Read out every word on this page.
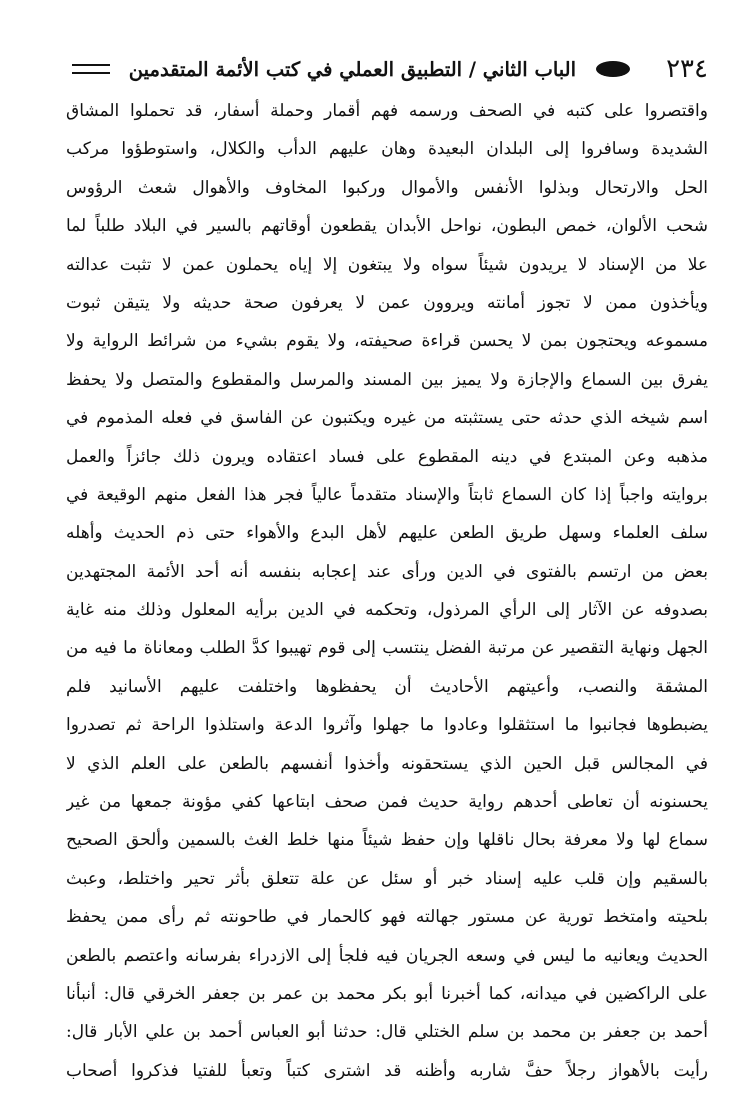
٢٣٤
الباب الثاني / التطبيق العملي في كتب الأئمة المتقدمين
واقتصروا على كتبه في الصحف ورسمه فهم أقمار وحملة أسفار، قد تحملوا المشاق
الشديدة وسافروا إلى البلدان البعيدة وهان عليهم الدأب والكلال، واستوطؤوا مركب
الحل والارتحال وبذلوا الأنفس والأموال وركبوا المخاوف والأهوال شعث الرؤوس
شحب الألوان، خمص البطون، نواحل الأبدان يقطعون أوقاتهم بالسير في البلاد طلباً لما
علا من الإسناد لا يريدون شيئاً سواه ولا يبتغون إلا إياه يحملون عمن لا تثبت عدالته
ويأخذون ممن لا تجوز أمانته ويروون عمن لا يعرفون صحة حديثه ولا يتيقن ثبوت
مسموعه ويحتجون بمن لا يحسن قراءة صحيفته، ولا يقوم بشيء من شرائط الرواية ولا
يفرق بين السماع والإجازة ولا يميز بين المسند والمرسل والمقطوع والمتصل ولا يحفظ
اسم شيخه الذي حدثه حتى يستثبته من غيره ويكتبون عن الفاسق في فعله المذموم في
مذهبه وعن المبتدع في دينه المقطوع على فساد اعتقاده ويرون ذلك جائزاً والعمل
بروايته واجباً إذا كان السماع ثابتاً والإسناد متقدماً عالياً فجر هذا الفعل منهم الوقيعة في
سلف العلماء وسهل طريق الطعن عليهم لأهل البدع والأهواء حتى ذم الحديث وأهله
بعض من ارتسم بالفتوى في الدين ورأى عند إعجابه بنفسه أنه أحد الأئمة المجتهدين
بصدوفه عن الآثار إلى الرأي المرذول، وتحكمه في الدين برأيه المعلول وذلك منه غاية
الجهل ونهاية التقصير عن مرتبة الفضل ينتسب إلى قوم تهيبوا كدَّ الطلب ومعاناة ما فيه من
المشقة والنصب، وأعيتهم الأحاديث أن يحفظوها واختلفت عليهم الأسانيد فلم
يضبطوها فجانبوا ما استثقلوا وعادوا ما جهلوا وآثروا الدعة واستلذوا الراحة ثم تصدروا
في المجالس قبل الحين الذي يستحقونه وأخذوا أنفسهم بالطعن على العلم الذي لا
يحسنونه أن تعاطى أحدهم رواية حديث فمن صحف ابتاعها كفي مؤونة جمعها من غير
سماع لها ولا معرفة بحال ناقلها وإن حفظ شيئاً منها خلط الغث بالسمين وألحق الصحيح
بالسقيم وإن قلب عليه إسناد خبر أو سئل عن علة تتعلق بأثر تحير واختلط، وعبث
بلحيته وامتخط تورية عن مستور جهالته فهو كالحمار في طاحونته ثم رأى ممن يحفظ
الحديث ويعانيه ما ليس في وسعه الجريان فيه فلجأ إلى الازدراء بفرسانه واعتصم بالطعن
على الراكضين في ميدانه، كما أخبرنا أبو بكر محمد بن عمر بن جعفر الخرقي قال: أنبأنا
أحمد بن جعفر بن محمد بن سلم الختلي قال: حدثنا أبو العباس أحمد بن علي الأبار قال:
رأيت بالأهواز رجلاً حفَّ شاربه وأظنه قد اشترى كتباً وتعبأ للفتيا فذكروا أصحاب
